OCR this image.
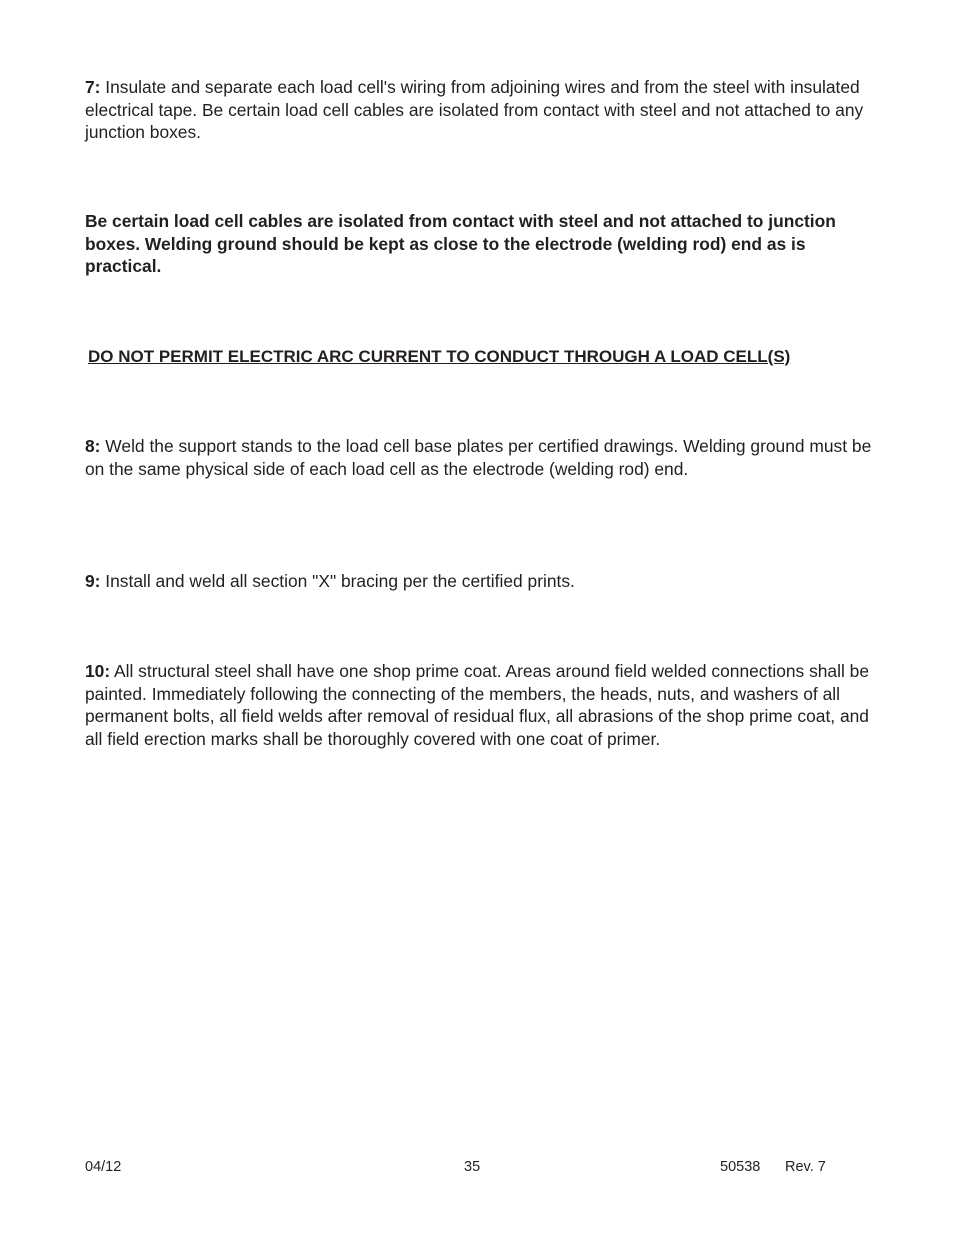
7: Insulate and separate each load cell's wiring from adjoining wires and from the steel with insulated electrical tape. Be certain load cell cables are isolated from contact with steel and not attached to any junction boxes.

Be certain load cell cables are isolated from contact with steel and not attached to junction boxes. Welding ground should be kept as close to the electrode (welding rod) end as is practical.

DO NOT PERMIT ELECTRIC ARC CURRENT TO CONDUCT THROUGH A LOAD CELL(S)

8: Weld the support stands to the load cell base plates per certified drawings. Welding ground must be on the same physical side of each load cell as the electrode (welding rod) end.

9: Install and weld all section "X" bracing per the certified prints.

10: All structural steel shall have one shop prime coat. Areas around field welded connections shall be painted. Immediately following the connecting of the members, the heads, nuts, and washers of all permanent bolts, all field welds after removal of residual flux, all abrasions of the shop prime coat, and all field erection marks shall be thoroughly covered with one coat of primer.

04/12	35	50538 Rev. 7
